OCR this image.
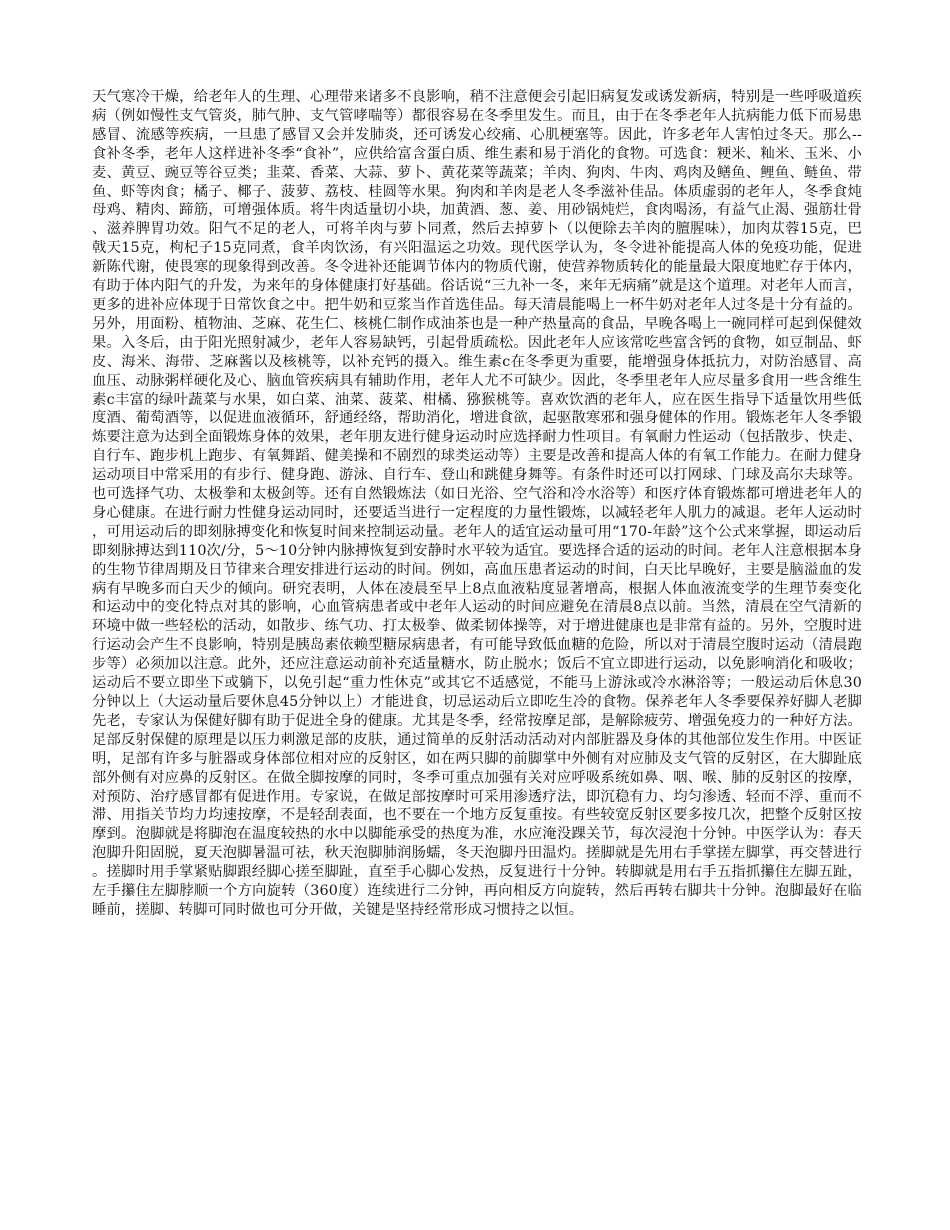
天气寒冷干燥，给老年人的生理、心理带来诸多不良影响，稍不注意便会引起旧病复发或诱发新病，特别是一些呼吸道疾病（例如慢性支气管炎，肺气肿、支气管哮喘等）都很容易在冬季里发生。而且，由于在冬季老年人抗病能力低下而易患感冒、流感等疾病，一旦患了感冒又会并发肺炎，还可诱发心绞痛、心肌梗塞等。因此，许多老年人害怕过冬天。那么--食补冬季，老年人这样进补冬季“食补”，应供给富含蛋白质、维生素和易于消化的食物。可选食：粳米、籼米、玉米、小麦、黄豆、豌豆等谷豆类；韭菜、香菜、大蒜、萝卜、黄花菜等蔬菜；羊肉、狗肉、牛肉、鸡肉及鳝鱼、鲤鱼、鲢鱼、带鱼、虾等肉食；橘子、椰子、菠萝、荔枝、桂圆等水果。狗肉和羊肉是老人冬季滋补佳品。体质虚弱的老年人，冬季食炖母鸡、精肉、蹄筋，可增强体质。将牛肉适量切小块，加黄酒、葱、姜、用砂锅炖烂，食肉喝汤，有益气止渴、强筋壮骨、滋养脾胃功效。阳气不足的老人，可将羊肉与萝卜同煮，然后去掉萝卜（以便除去羊肉的膻腥味），加肉苁蓉15克，巴戟天15克，枸杞子15克同煮，食羊肉饮汤，有兴阳温运之功效。现代医学认为，冬令进补能提高人体的免疫功能，促进新陈代谢，使畏寒的现象得到改善。冬令进补还能调节体内的物质代谢，使营养物质转化的能量最大限度地贮存于体内，有助于体内阳气的升发，为来年的身体健康打好基础。俗话说“三九补一冬，来年无病痛”就是这个道理。对老年人而言，更多的进补应体现于日常饮食之中。把牛奶和豆浆当作首选佳品。每天清晨能喝上一杯牛奶对老年人过冬是十分有益的。另外，用面粉、植物油、芝麻、花生仁、核桃仁制作成油茶也是一种产热量高的食品，早晚各喝上一碗同样可起到保健效果。入冬后，由于阳光照射减少，老年人容易缺钙，引起骨质疏松。因此老年人应该常吃些富含钙的食物，如豆制品、虾皮、海米、海带、芝麻酱以及核桃等，以补充钙的摄入。维生素c在冬季更为重要，能增强身体抵抗力，对防治感冒、高血压、动脉粥样硬化及心、脑血管疾病具有辅助作用，老年人尤不可缺少。因此，冬季里老年人应尽量多食用一些含维生素c丰富的绿叶蔬菜与水果，如白菜、油菜、菠菜、柑橘、猕猴桃等。喜欢饮酒的老年人，应在医生指导下适量饮用些低度酒、葡萄酒等，以促进血液循环，舒通经络，帮助消化，增进食欲，起驱散寒邪和强身健体的作用。锻炼老年人冬季锻炼要注意为达到全面锻炼身体的效果，老年朋友进行健身运动时应选择耐力性项目。有氧耐力性运动（包括散步、快走、自行车、跑步机上跑步、有氧舞蹈、健美操和不剧烈的球类运动等）主要是改善和提高人体的有氧工作能力。在耐力健身运动项目中常采用的有步行、健身跑、游泳、自行车、登山和跳健身舞等。有条件时还可以打网球、门球及高尔夫球等。也可选择气功、太极拳和太极剑等。还有自然锻炼法（如日光浴、空气浴和冷水浴等）和医疗体育锻炼都可增进老年人的身心健康。在进行耐力性健身运动同时，还要适当进行一定程度的力量性锻炼，以减轻老年人肌力的减退。老年人运动时，可用运动后的即刻脉搏变化和恢复时间来控制运动量。老年人的适宜运动量可用“170-年龄”这个公式来掌握，即运动后即刻脉搏达到110次/分，5～10分钟内脉搏恢复到安静时水平较为适宜。要选择合适的运动的时间。老年人注意根据本身的生物节律周期及日节律来合理安排进行运动的时间。例如，高血压患者运动的时间，白天比早晚好，主要是脑溢血的发病有早晚多而白天少的倾向。研究表明，人体在凌晨至早上8点血液粘度显著增高，根据人体血液流变学的生理节奏变化和运动中的变化特点对其的影响，心血管病患者或中老年人运动的时间应避免在清晨8点以前。当然，清晨在空气清新的环境中做一些轻松的活动，如散步、练气功、打太极拳、做柔韧体操等，对于增进健康也是非常有益的。另外，空腹时进行运动会产生不良影响，特别是胰岛素依赖型糖尿病患者，有可能导致低血糖的危险，所以对于清晨空腹时运动（清晨跑步等）必须加以注意。此外，还应注意运动前补充适量糖水，防止脱水；饭后不宜立即进行运动，以免影响消化和吸收；运动后不要立即坐下或躺下，以免引起“重力性休克”或其它不适感觉，不能马上游泳或冷水淋浴等；一般运动后休息30分钟以上（大运动量后要休息45分钟以上）才能进食，切忌运动后立即吃生冷的食物。保养老年人冬季要保养好脚人老脚先老，专家认为保健好脚有助于促进全身的健康。尤其是冬季，经常按摩足部，是解除疲劳、增强免疫力的一种好方法。足部反射保健的原理是以压力刺激足部的皮肤，通过简单的反射活动活动对内部脏器及身体的其他部位发生作用。中医证明，足部有许多与脏器或身体部位相对应的反射区，如在两只脚的前脚掌中外侧有对应肺及支气管的反射区，在大脚趾底部外侧有对应鼻的反射区。在做全脚按摩的同时，冬季可重点加强有关对应呼吸系统如鼻、咽、喉、肺的反射区的按摩，对预防、治疗感冒都有促进作用。专家说，在做足部按摩时可采用渗透疗法，即沉稳有力、均匀渗透、轻而不浮、重而不滞、用指关节均力均速按摩，不是轻刮表面，也不要在一个地方反复重按。有些较宽反射区要多按几次，把整个反射区按摩到。泡脚就是将脚泡在温度较热的水中以脚能承受的热度为准，水应淹没踝关节，每次浸泡十分钟。中医学认为：春天泡脚升阳固脱，夏天泡脚暑温可祛，秋天泡脚肺润肠蠕，冬天泡脚丹田温灼。搓脚就是先用右手掌搓左脚掌，再交替进行。搓脚时用手掌紧贴脚跟经脚心搓至脚趾，直至手心脚心发热，反复进行十分钟。转脚就是用右手五指抓攥住左脚五趾，左手攥住左脚脖顺一个方向旋转（360度）连续进行二分钟，再向相反方向旋转，然后再转右脚共十分钟。泡脚最好在临睡前，搓脚、转脚可同时做也可分开做，关键是坚持经常形成习惯持之以恒。
